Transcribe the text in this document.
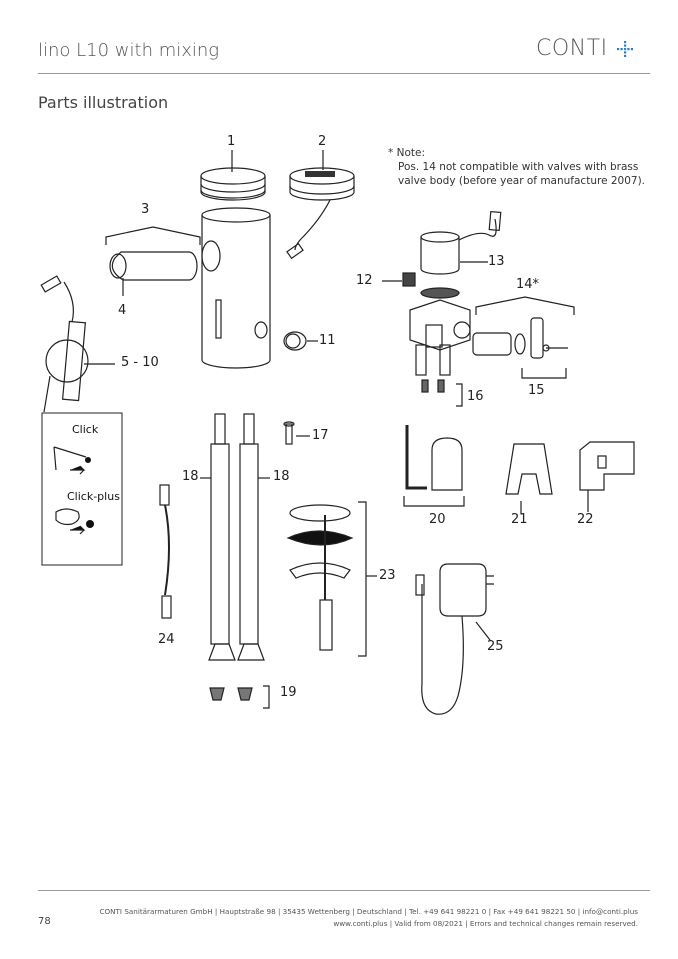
lino L10 with mixing	CONTI
Parts illustration
* Note:
Pos. 14 not compatible with valves with brass
valve body (before year of manufacture 2007).
1	2
3
4
5 - 10
11
12
13
14*
15
16
17
18	18
19
20	21	22
23
24	25
Click
Click-plus
78
CONTI Sanitärarmaturen GmbH | Hauptstraße 98 | 35435 Wettenberg | Deutschland | Tel. +49 641 98221 0 | Fax +49 641 98221 50 | info@conti.plus
www.conti.plus | Valid from 08/2021 | Errors and technical changes remain reserved.
